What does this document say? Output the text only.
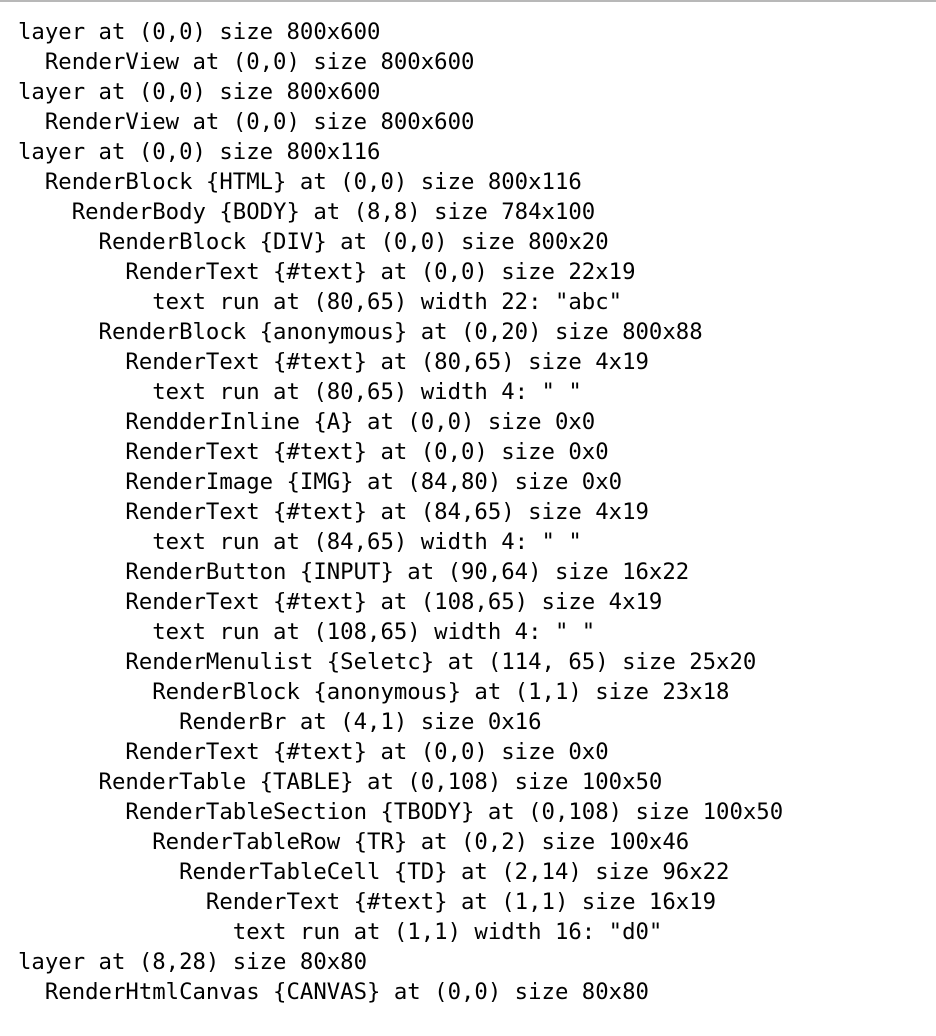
layer at (0,0) size 800x600
RenderView at (0,0) size 800x600
layer at (0,0) size 800x600
RenderView at (0,0) size 800x600
layer at (0,0) size 800x116
RenderBlock {HTML} at (0,0) size 800x116
RenderBody {BODY} at (8,8) size 784x100
RenderBlock {DIV} at (0,0) size 800x20
RenderText {#text} at (0,0) size 22x19
text run at (80,65) width 22: "abc"
RenderBlock {anonymous} at (0,20) size 800x88
RenderText {#text} at (80,65) size 4x19
text run at (80,65) width 4: " "
RendderInline {A} at (0,0) size 0x0
RenderText {#text} at (0,0) size 0x0
RenderImage {IMG} at (84,80) size 0x0
RenderText {#text} at (84,65) size 4x19
text run at (84,65) width 4: " "
RenderButton {INPUT} at (90,64) size 16x22
RenderText {#text} at (108,65) size 4x19
text run at (108,65) width 4: " "
RenderMenulist {Seletc} at (114, 65) size 25x20
RenderBlock {anonymous} at (1,1) size 23x18
RenderBr at (4,1) size 0x16
RenderText {#text} at (0,0) size 0x0
RenderTable {TABLE} at (0,108) size 100x50
RenderTableSection {TBODY} at (0,108) size 100x50
RenderTableRow {TR} at (0,2) size 100x46
RenderTableCell {TD} at (2,14) size 96x22
RenderText {#text} at (1,1) size 16x19
text run at (1,1) width 16: "d0"
layer at (8,28) size 80x80
RenderHtmlCanvas {CANVAS} at (0,0) size 80x80
